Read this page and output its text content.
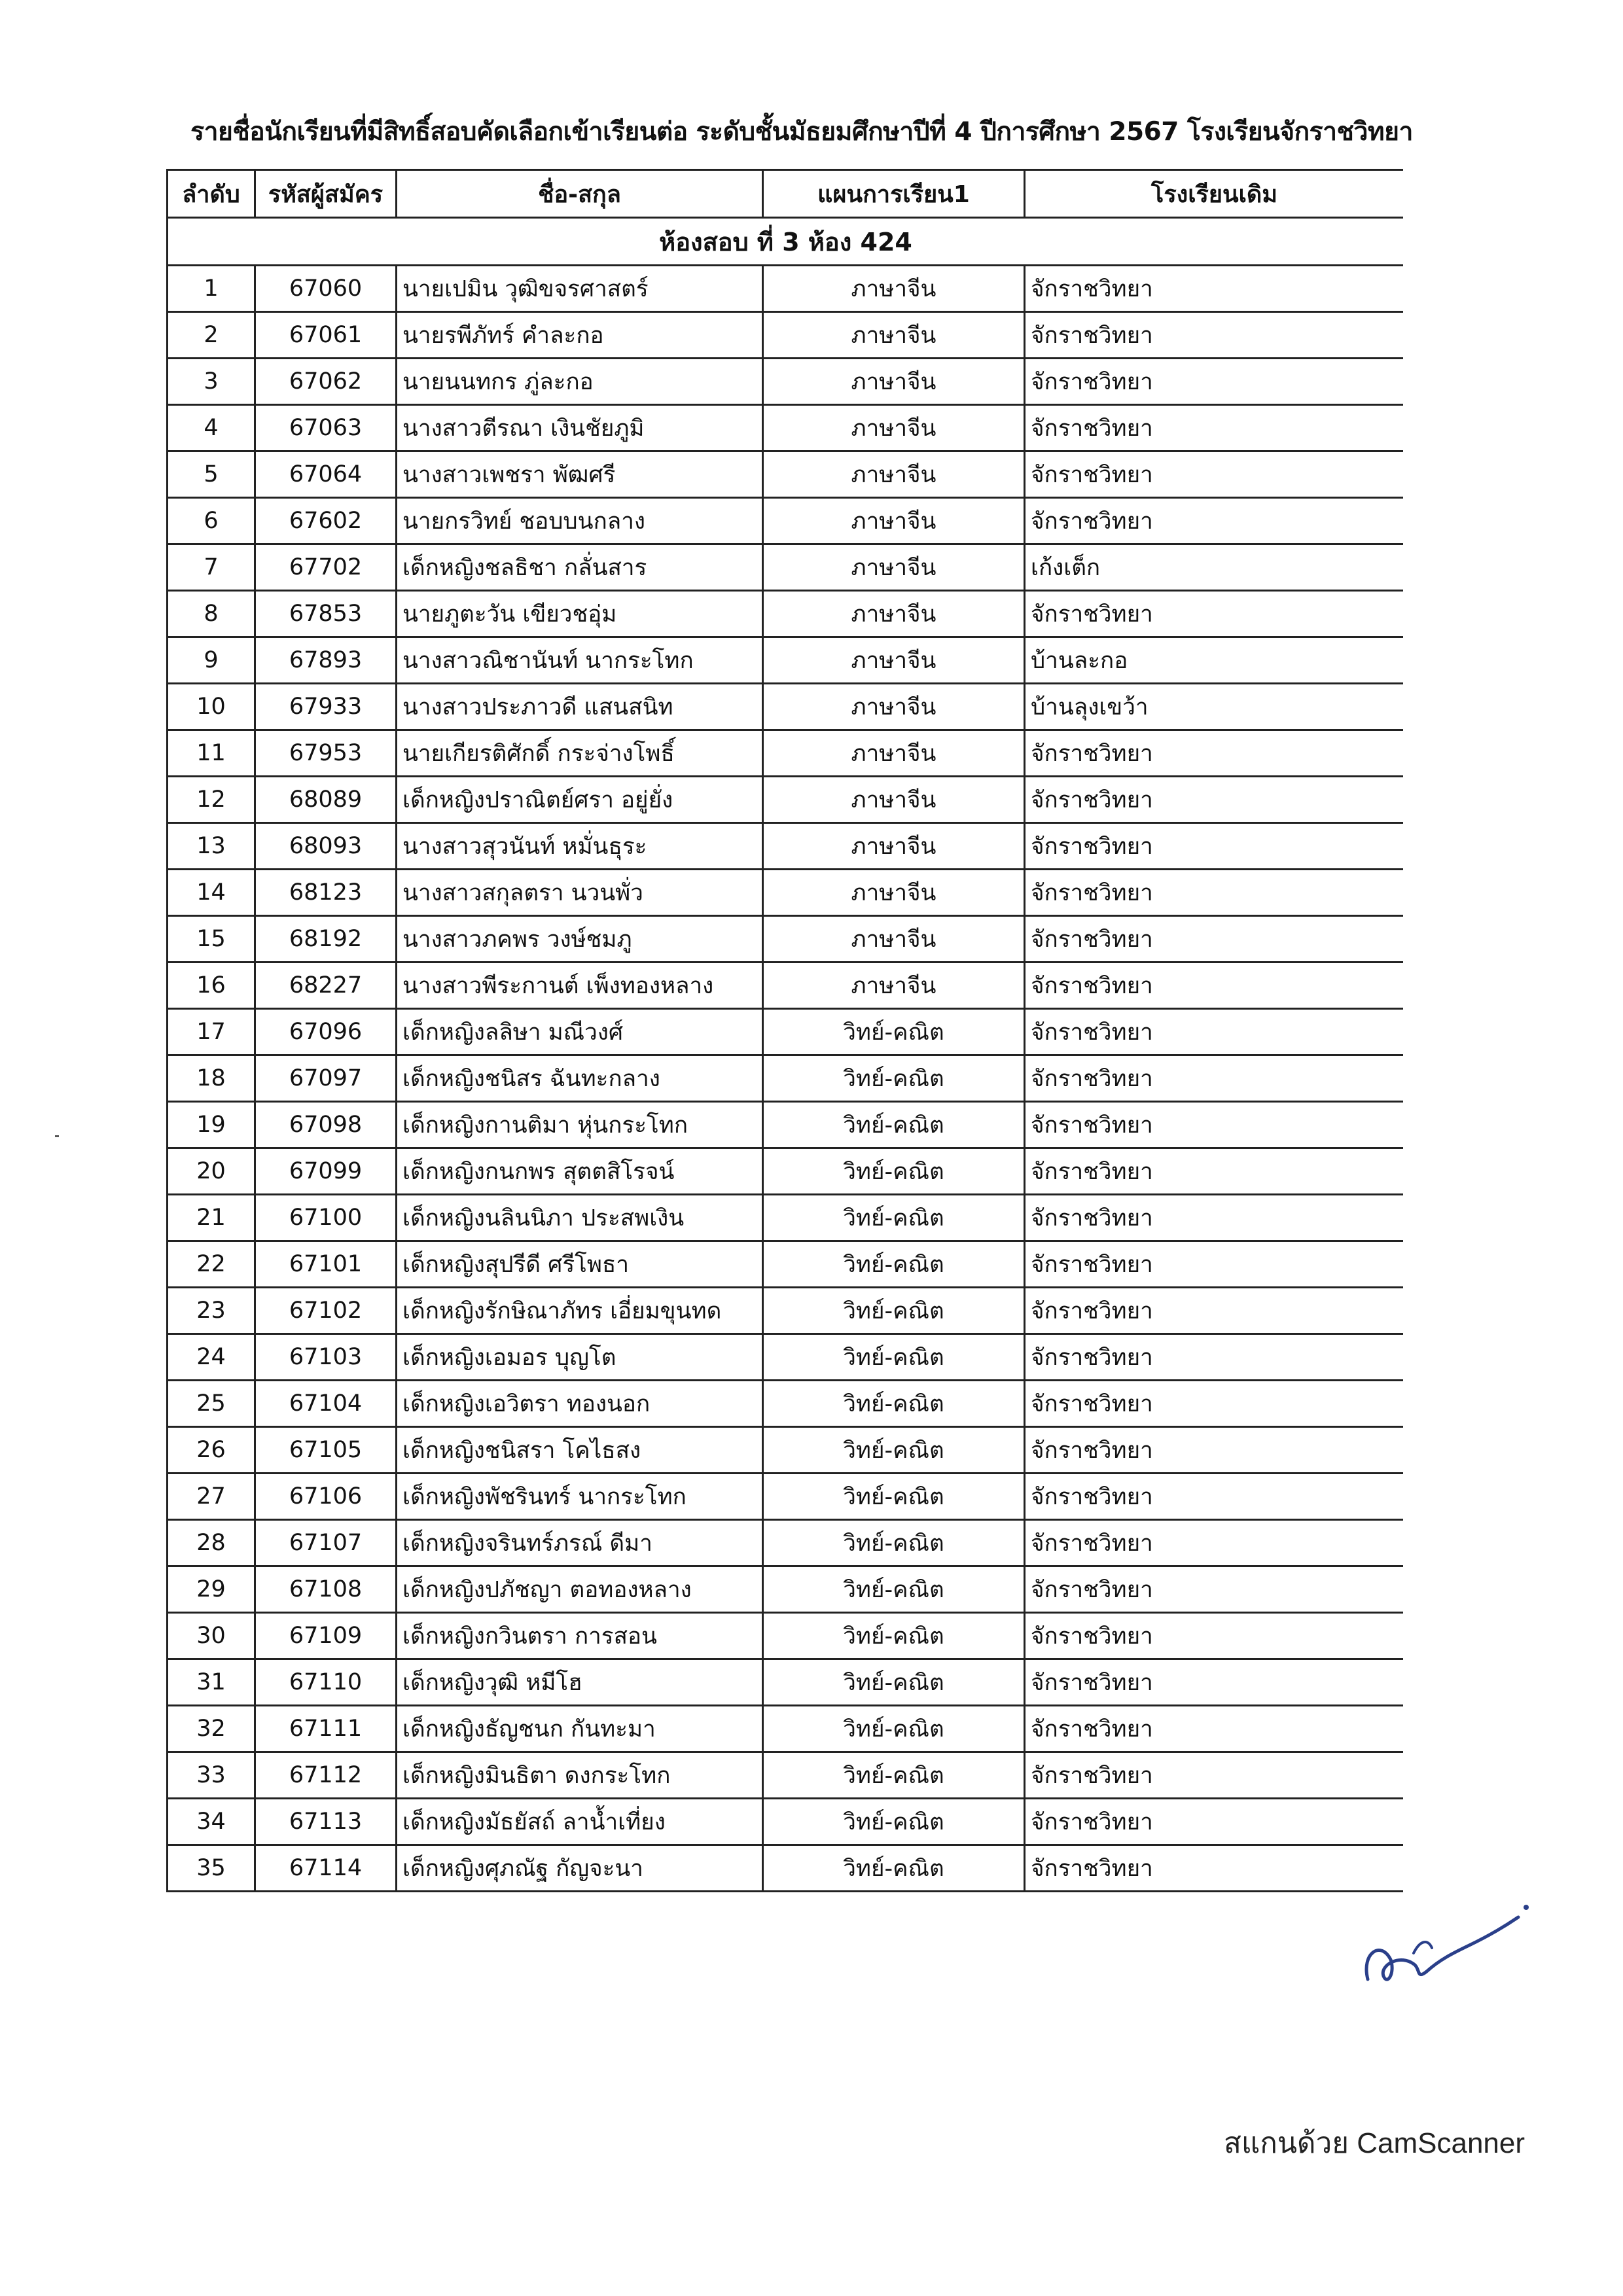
รายชื่อนักเรียนที่มีสิทธิ์สอบคัดเลือกเข้าเรียนต่อ ระดับชั้นมัธยมศึกษาปีที่ 4 ปีการศึกษา 2567 โรงเรียนจักราชวิทยา
ลำดับ	รหัสผู้สมัคร	ชื่อ-สกุล	แผนการเรียน1	โรงเรียนเดิม
ห้องสอบ ที่ 3 ห้อง 424				
1	67060	นายเปมิน วุฒิขจรศาสตร์	ภาษาจีน	จักราชวิทยา
2	67061	นายรพีภัทร์ คำละกอ	ภาษาจีน	จักราชวิทยา
3	67062	นายนนทกร ภู่ละกอ	ภาษาจีน	จักราชวิทยา
4	67063	นางสาวตีรณา เงินชัยภูมิ	ภาษาจีน	จักราชวิทยา
5	67064	นางสาวเพชรา พัฒศรี	ภาษาจีน	จักราชวิทยา
6	67602	นายกรวิทย์ ชอบบนกลาง	ภาษาจีน	จักราชวิทยา
7	67702	เด็กหญิงชลธิชา กลั่นสาร	ภาษาจีน	เก้งเต็ก
8	67853	นายภูตะวัน เขียวชอุ่ม	ภาษาจีน	จักราชวิทยา
9	67893	นางสาวณิชานันท์ นากระโทก	ภาษาจีน	บ้านละกอ
10	67933	นางสาวประภาวดี แสนสนิท	ภาษาจีน	บ้านลุงเขว้า
11	67953	นายเกียรติศักดิ์ กระจ่างโพธิ์	ภาษาจีน	จักราชวิทยา
12	68089	เด็กหญิงปราณิตย์ศรา อยู่ยั่ง	ภาษาจีน	จักราชวิทยา
13	68093	นางสาวสุวนันท์ หมั่นธุระ	ภาษาจีน	จักราชวิทยา
14	68123	นางสาวสกุลตรา นวนพั่ว	ภาษาจีน	จักราชวิทยา
15	68192	นางสาวภคพร วงษ์ชมภู	ภาษาจีน	จักราชวิทยา
16	68227	นางสาวพีระกานต์ เพ็งทองหลาง	ภาษาจีน	จักราชวิทยา
17	67096	เด็กหญิงลลิษา มณีวงศ์	วิทย์-คณิต	จักราชวิทยา
18	67097	เด็กหญิงชนิสร ฉันทะกลาง	วิทย์-คณิต	จักราชวิทยา
19	67098	เด็กหญิงกานติมา หุ่นกระโทก	วิทย์-คณิต	จักราชวิทยา
20	67099	เด็กหญิงกนกพร สุตตสิโรจน์	วิทย์-คณิต	จักราชวิทยา
21	67100	เด็กหญิงนลินนิภา ประสพเงิน	วิทย์-คณิต	จักราชวิทยา
22	67101	เด็กหญิงสุปรีดี ศรีโพธา	วิทย์-คณิต	จักราชวิทยา
23	67102	เด็กหญิงรักษิณาภัทร เอี่ยมขุนทด	วิทย์-คณิต	จักราชวิทยา
24	67103	เด็กหญิงเอมอร บุญโต	วิทย์-คณิต	จักราชวิทยา
25	67104	เด็กหญิงเอวิตรา ทองนอก	วิทย์-คณิต	จักราชวิทยา
26	67105	เด็กหญิงชนิสรา โคไธสง	วิทย์-คณิต	จักราชวิทยา
27	67106	เด็กหญิงพัชรินทร์ นากระโทก	วิทย์-คณิต	จักราชวิทยา
28	67107	เด็กหญิงจรินทร์ภรณ์ ดีมา	วิทย์-คณิต	จักราชวิทยา
29	67108	เด็กหญิงปภัชญา ตอทองหลาง	วิทย์-คณิต	จักราชวิทยา
30	67109	เด็กหญิงกวินตรา การสอน	วิทย์-คณิต	จักราชวิทยา
31	67110	เด็กหญิงวุฒิ หมีโฮ	วิทย์-คณิต	จักราชวิทยา
32	67111	เด็กหญิงธัญชนก กันทะมา	วิทย์-คณิต	จักราชวิทยา
33	67112	เด็กหญิงมินธิตา ดงกระโทก	วิทย์-คณิต	จักราชวิทยา
34	67113	เด็กหญิงมัธยัสถ์ ลาน้ำเที่ยง	วิทย์-คณิต	จักราชวิทยา
35	67114	เด็กหญิงศุภณัฐ กัญจะนา	วิทย์-คณิต	จักราชวิทยา
สแกนด้วย CamScanner
